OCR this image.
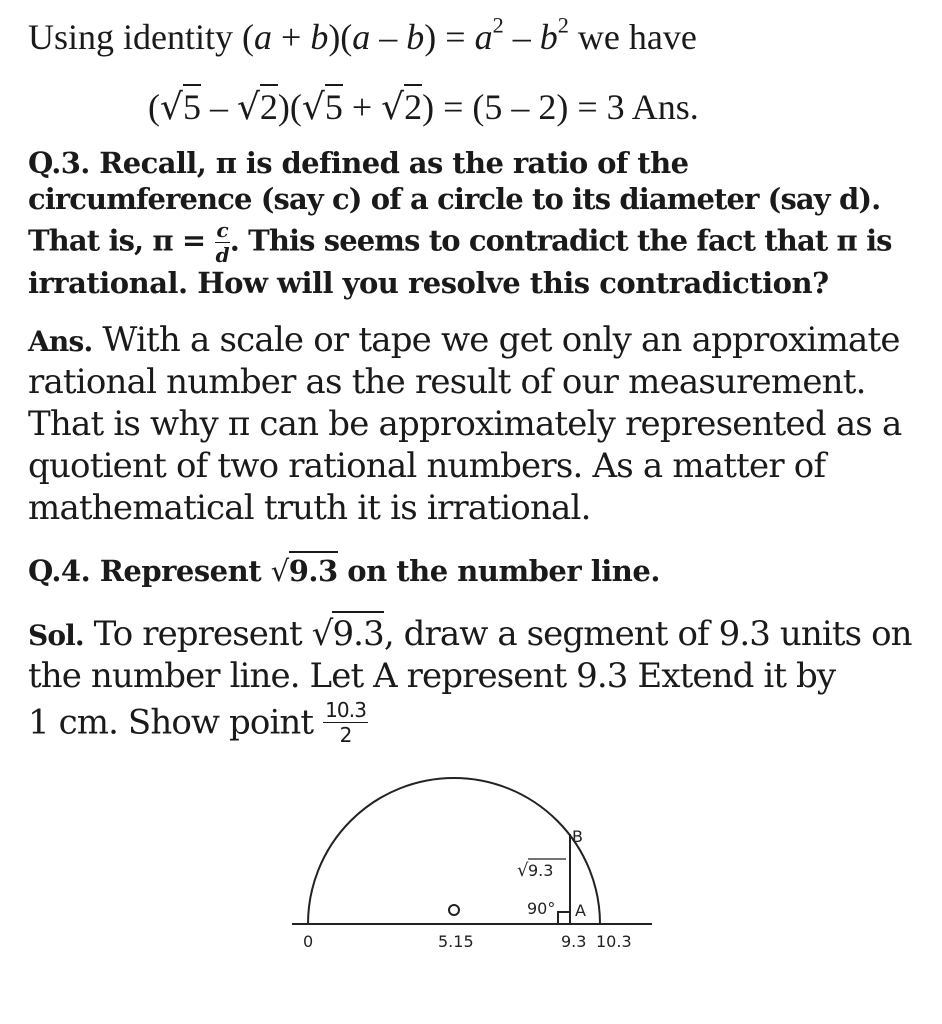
Using identity $(a + b)(a - b) = a^2 - b^2$ we have
(√5 – √2)(√5 + √2) = (5 – 2) = 3 Ans.
Q.3. Recall, π is defined as the ratio of the
circumference (say c) of a circle to its diameter (say d).
That is, $\pi = \frac{c}{d}$ . This seems to contradict the fact that π is
irrational. How will you resolve this contradiction?
Ans. With a scale or tape we get only an approximate
rational number as the result of our measurement.
That is why π can be approximately represented as a
quotient of two rational numbers. As a matter of
mathematical truth it is irrational.
Q.4. Represent √9.3 on the number line.
Sol. To represent √9.3, draw a segment of 9.3 units on
the number line. Let A represent 9.3 Extend it by
1 cm. Show point $\frac{10.3}{2}$
B
A
√ 9.3
90°
0	5.15	9.3 10.3
